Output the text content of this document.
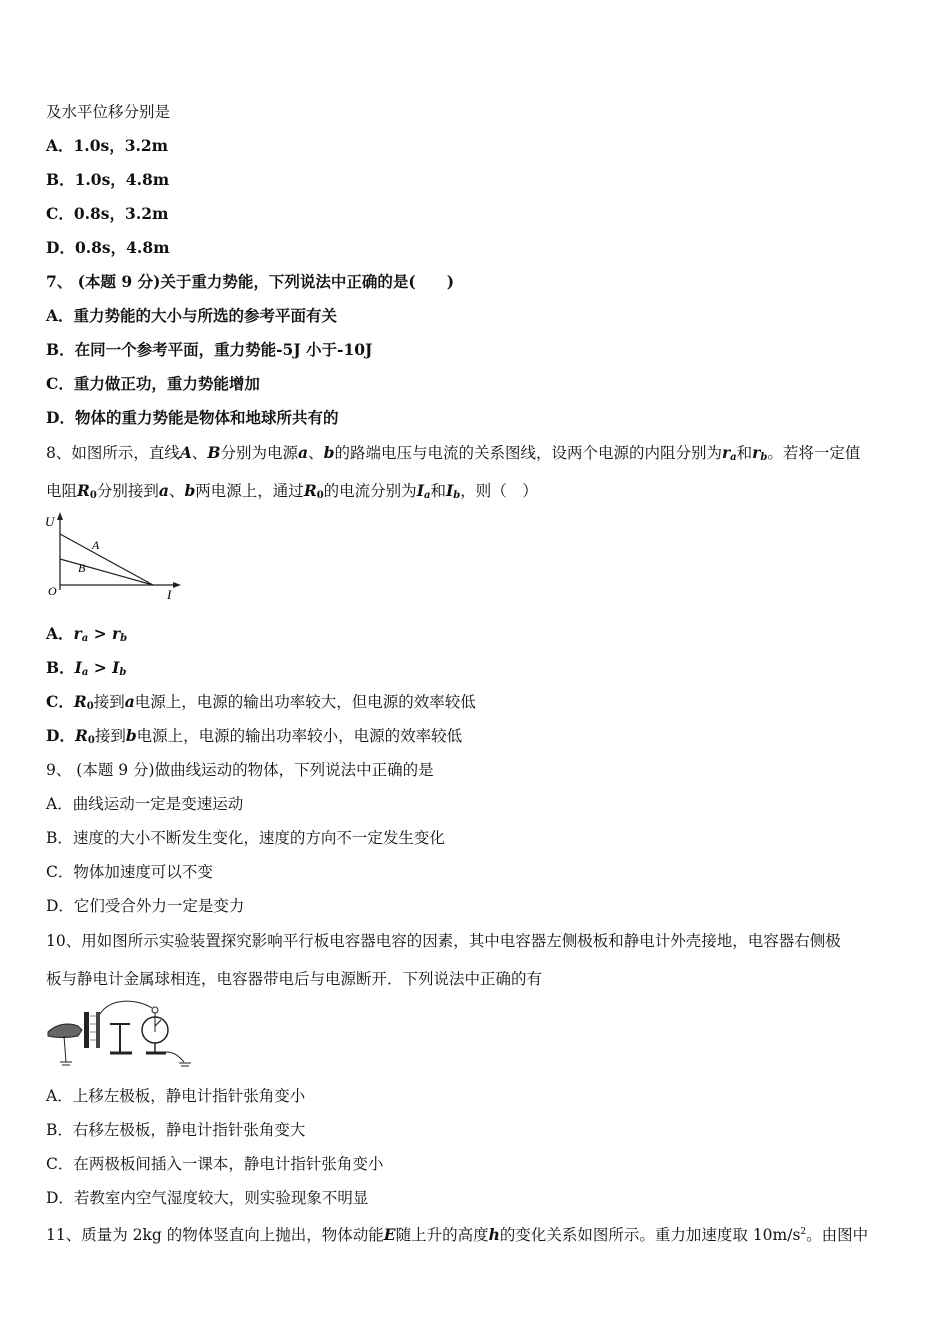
及水平位移分别是
A．1.0s，3.2m
B．1.0s，4.8m
C．0.8s，3.2m
D．0.8s，4.8m
7、 (本题 9 分)关于重力势能，下列说法中正确的是(　　)
A．重力势能的大小与所选的参考平面有关
B．在同一个参考平面，重力势能-5J 小于-10J
C．重力做正功，重力势能增加
D．物体的重力势能是物体和地球所共有的
8、如图所示，直线A、B分别为电源a、b的路端电压与电流的关系图线，设两个电源的内阻分别为$r_a$和$r_b$。若将一定值
电阻$R_0$分别接到a、b两电源上，通过$R_0$的电流分别为$I_a$和$I_b$，则（　）
U
A
B
O	I
A．$r_a > r_b$
B．$I_a > I_b$
C．$R_0$接到a电源上，电源的输出功率较大，但电源的效率较低
D．$R_0$接到b电源上，电源的输出功率较小，电源的效率较低
9、 (本题 9 分)做曲线运动的物体，下列说法中正确的是
A．曲线运动一定是变速运动
B．速度的大小不断发生变化，速度的方向不一定发生变化
C．物体加速度可以不变
D．它们受合外力一定是变力
10、用如图所示实验装置探究影响平行板电容器电容的因素，其中电容器左侧极板和静电计外壳接地，电容器右侧极
板与静电计金属球相连，电容器带电后与电源断开．下列说法中正确的有
A．上移左极板，静电计指针张角变小
B．右移左极板，静电计指针张角变大
C．在两极板间插入一课本，静电计指针张角变小
D．若教室内空气湿度较大，则实验现象不明显
11、质量为 2kg 的物体竖直向上抛出，物体动能E随上升的高度h的变化关系如图所示。重力加速度取 $10m/s^2$。由图中
